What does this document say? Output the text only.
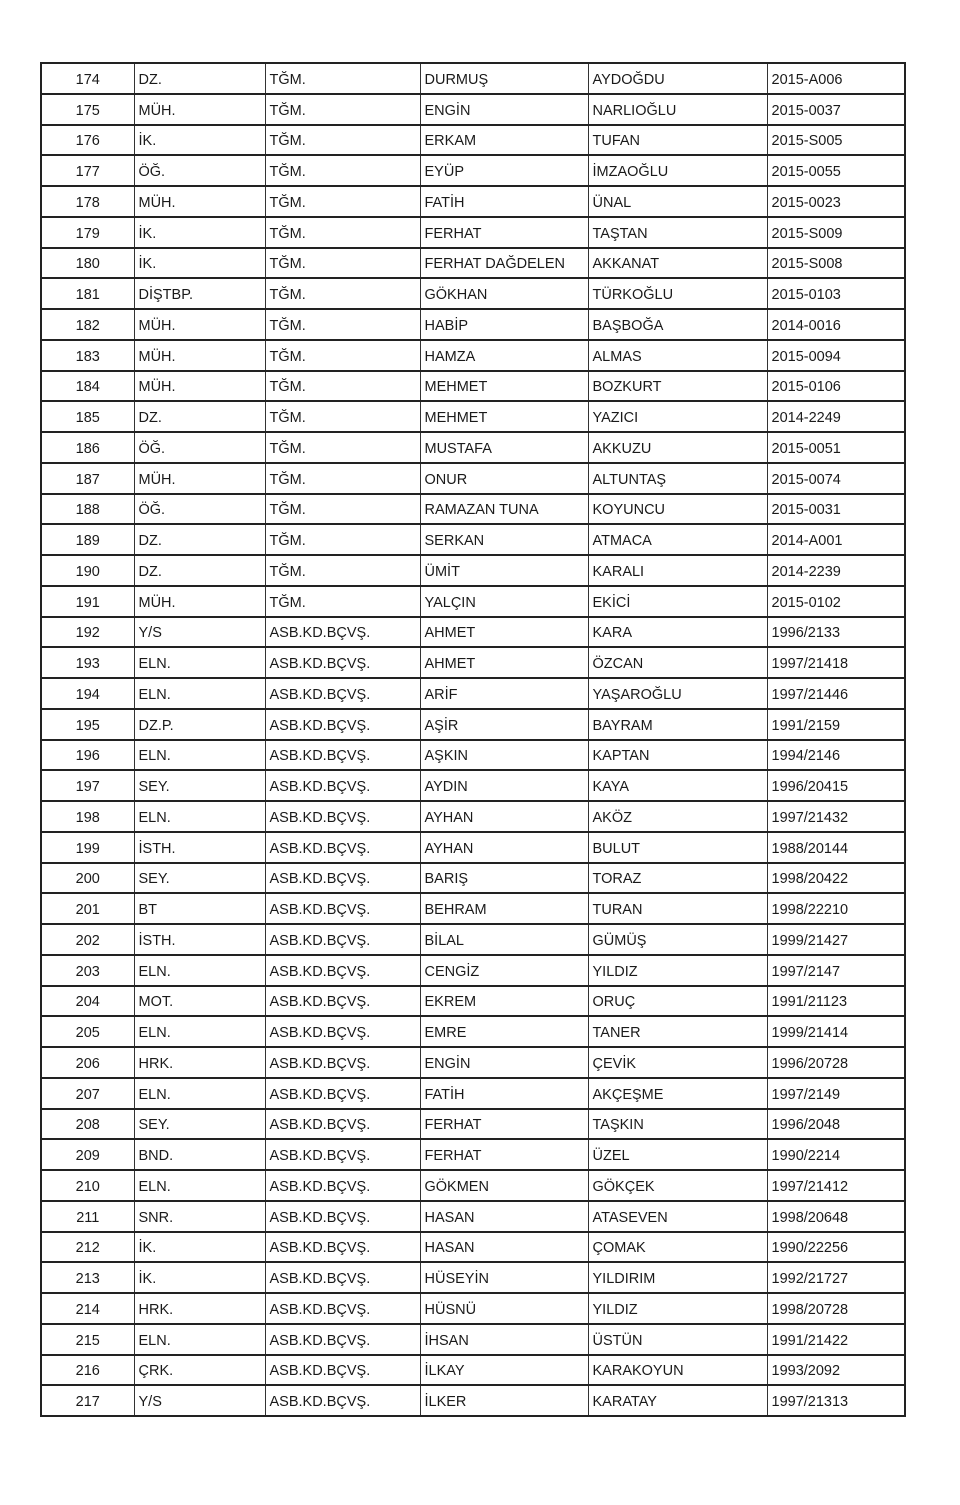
174	DZ.	TĞM.	DURMUŞ	AYDOĞDU	2015-A006
175	MÜH.	TĞM.	ENGİN	NARLIOĞLU	2015-0037
176	İK.	TĞM.	ERKAM	TUFAN	2015-S005
177	ÖĞ.	TĞM.	EYÜP	İMZAOĞLU	2015-0055
178	MÜH.	TĞM.	FATİH	ÜNAL	2015-0023
179	İK.	TĞM.	FERHAT	TAŞTAN	2015-S009
180	İK.	TĞM.	FERHAT DAĞDELEN	AKKANAT	2015-S008
181	DİŞTBP.	TĞM.	GÖKHAN	TÜRKOĞLU	2015-0103
182	MÜH.	TĞM.	HABİP	BAŞBOĞA	2014-0016
183	MÜH.	TĞM.	HAMZA	ALMAS	2015-0094
184	MÜH.	TĞM.	MEHMET	BOZKURT	2015-0106
185	DZ.	TĞM.	MEHMET	YAZICI	2014-2249
186	ÖĞ.	TĞM.	MUSTAFA	AKKUZU	2015-0051
187	MÜH.	TĞM.	ONUR	ALTUNTAŞ	2015-0074
188	ÖĞ.	TĞM.	RAMAZAN TUNA	KOYUNCU	2015-0031
189	DZ.	TĞM.	SERKAN	ATMACA	2014-A001
190	DZ.	TĞM.	ÜMİT	KARALI	2014-2239
191	MÜH.	TĞM.	YALÇIN	EKİCİ	2015-0102
192	Y/S	ASB.KD.BÇVŞ.	AHMET	KARA	1996/2133
193	ELN.	ASB.KD.BÇVŞ.	AHMET	ÖZCAN	1997/21418
194	ELN.	ASB.KD.BÇVŞ.	ARİF	YAŞAROĞLU	1997/21446
195	DZ.P.	ASB.KD.BÇVŞ.	AŞİR	BAYRAM	1991/2159
196	ELN.	ASB.KD.BÇVŞ.	AŞKIN	KAPTAN	1994/2146
197	SEY.	ASB.KD.BÇVŞ.	AYDIN	KAYA	1996/20415
198	ELN.	ASB.KD.BÇVŞ.	AYHAN	AKÖZ	1997/21432
199	İSTH.	ASB.KD.BÇVŞ.	AYHAN	BULUT	1988/20144
200	SEY.	ASB.KD.BÇVŞ.	BARIŞ	TORAZ	1998/20422
201	BT	ASB.KD.BÇVŞ.	BEHRAM	TURAN	1998/22210
202	İSTH.	ASB.KD.BÇVŞ.	BİLAL	GÜMÜŞ	1999/21427
203	ELN.	ASB.KD.BÇVŞ.	CENGİZ	YILDIZ	1997/2147
204	MOT.	ASB.KD.BÇVŞ.	EKREM	ORUÇ	1991/21123
205	ELN.	ASB.KD.BÇVŞ.	EMRE	TANER	1999/21414
206	HRK.	ASB.KD.BÇVŞ.	ENGİN	ÇEVİK	1996/20728
207	ELN.	ASB.KD.BÇVŞ.	FATİH	AKÇEŞME	1997/2149
208	SEY.	ASB.KD.BÇVŞ.	FERHAT	TAŞKIN	1996/2048
209	BND.	ASB.KD.BÇVŞ.	FERHAT	ÜZEL	1990/2214
210	ELN.	ASB.KD.BÇVŞ.	GÖKMEN	GÖKÇEK	1997/21412
211	SNR.	ASB.KD.BÇVŞ.	HASAN	ATASEVEN	1998/20648
212	İK.	ASB.KD.BÇVŞ.	HASAN	ÇOMAK	1990/22256
213	İK.	ASB.KD.BÇVŞ.	HÜSEYİN	YILDIRIM	1992/21727
214	HRK.	ASB.KD.BÇVŞ.	HÜSNÜ	YILDIZ	1998/20728
215	ELN.	ASB.KD.BÇVŞ.	İHSAN	ÜSTÜN	1991/21422
216	ÇRK.	ASB.KD.BÇVŞ.	İLKAY	KARAKOYUN	1993/2092
217	Y/S	ASB.KD.BÇVŞ.	İLKER	KARATAY	1997/21313
